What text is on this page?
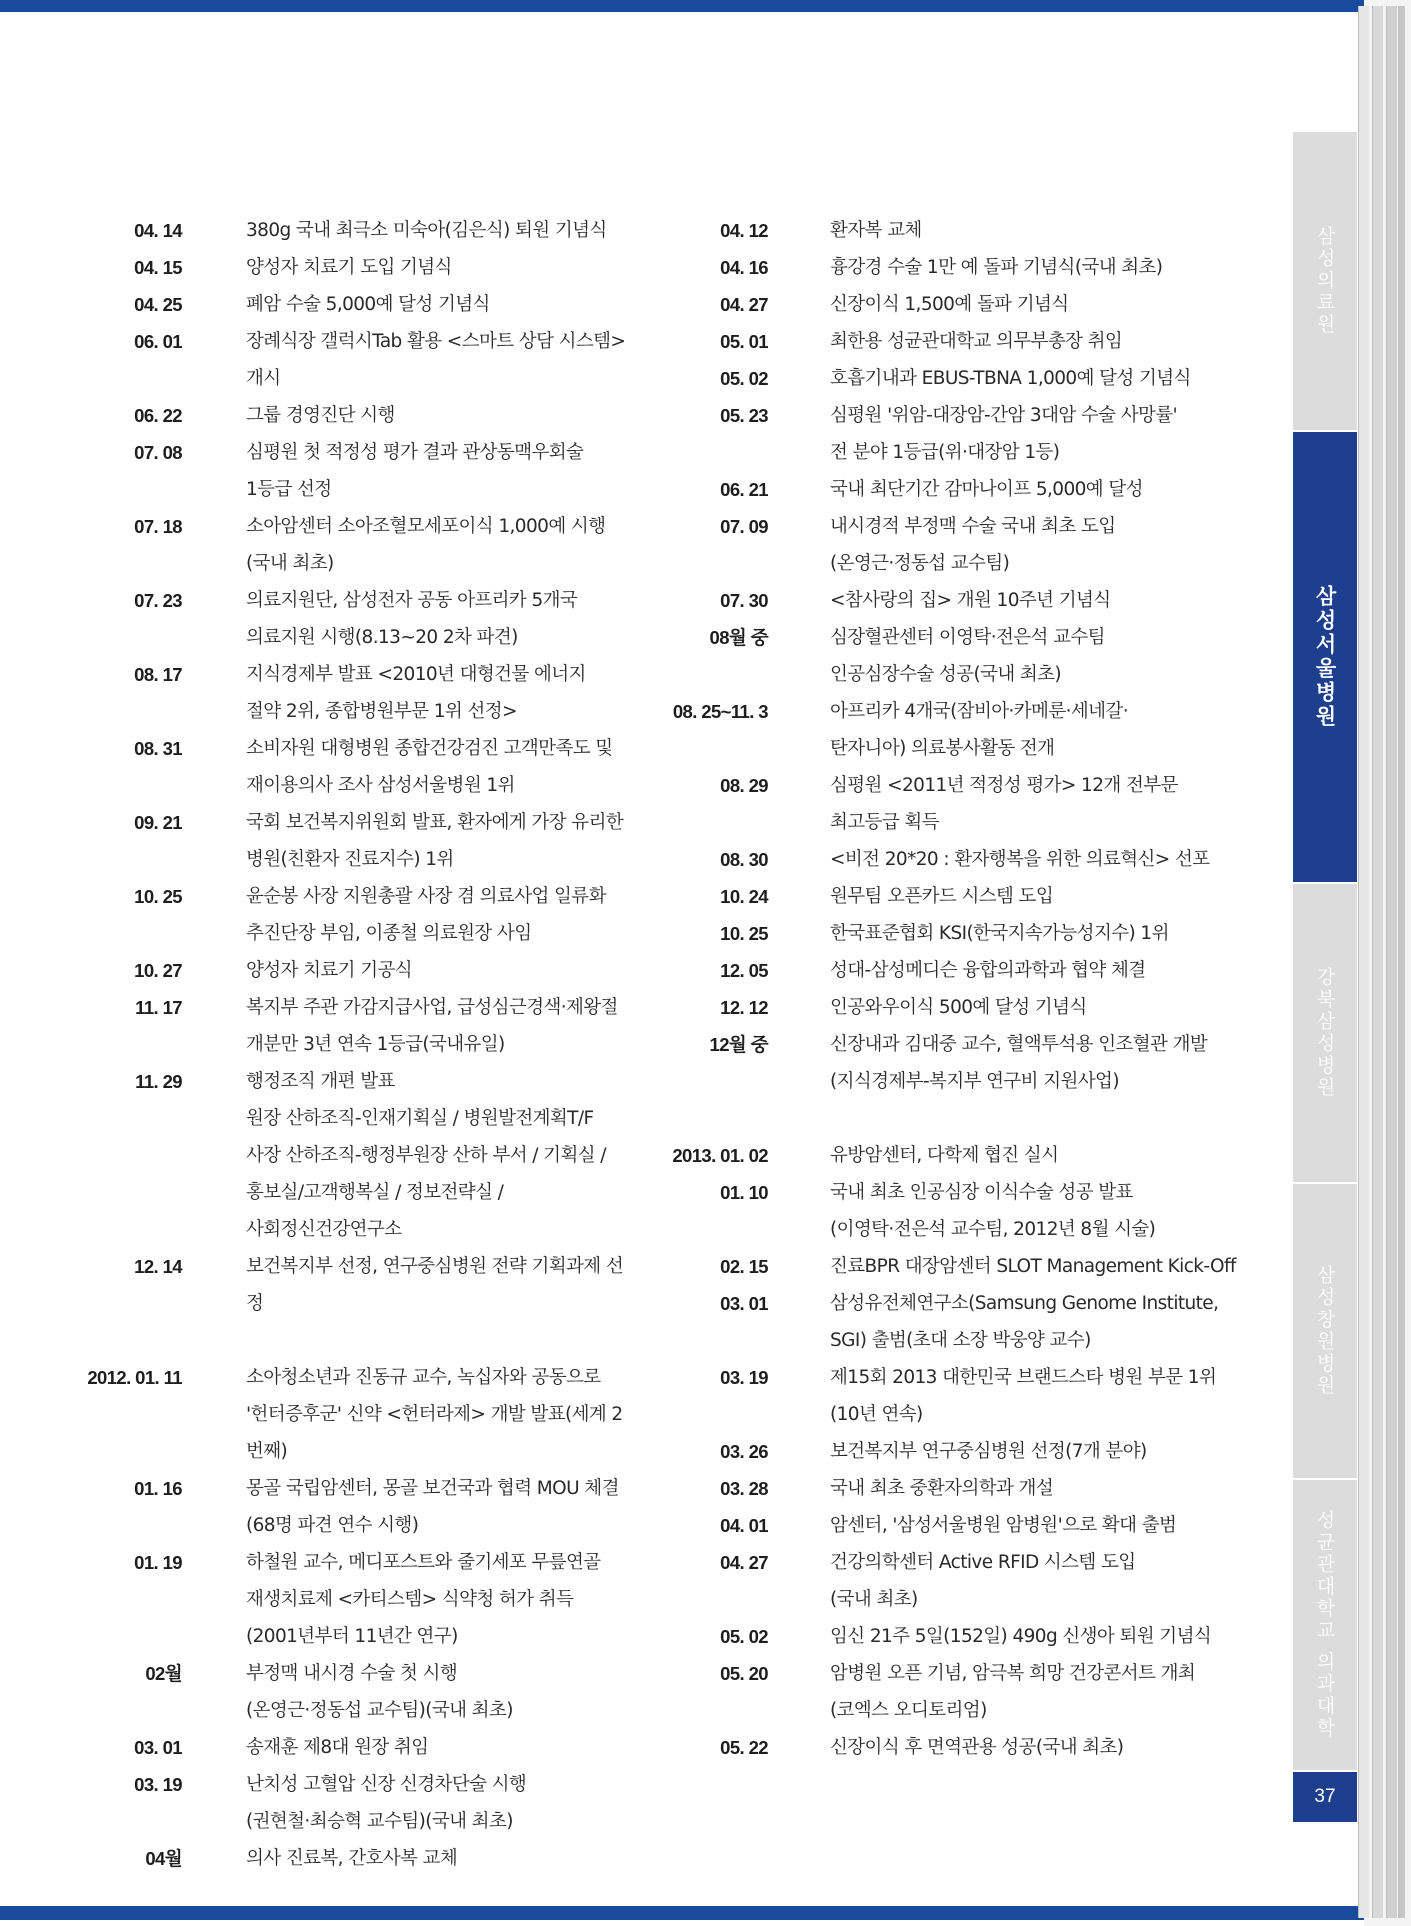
04. 14	380g 국내 최극소 미숙아(김은식) 퇴원 기념식
04. 15	양성자 치료기 도입 기념식
04. 25	폐암 수술 5,000예 달성 기념식
06. 01	장례식장 갤럭시Tab 활용 <스마트 상담 시스템> 개시
06. 22	그룹 경영진단 시행
07. 08	심평원 첫 적정성 평가 결과 관상동맥우회술
1등급 선정
07. 18	소아암센터 소아조혈모세포이식 1,000예 시행
(국내 최초)
07. 23	의료지원단, 삼성전자 공동 아프리카 5개국
의료지원 시행(8.13~20 2차 파견)
08. 17	지식경제부 발표 <2010년 대형건물 에너지
절약 2위, 종합병원부문 1위 선정>
08. 31	소비자원 대형병원 종합건강검진 고객만족도 및
재이용의사 조사 삼성서울병원 1위
09. 21	국회 보건복지위원회 발표, 환자에게 가장 유리한
병원(친환자 진료지수) 1위
10. 25	윤순봉 사장 지원총괄 사장 겸 의료사업 일류화
추진단장 부임, 이종철 의료원장 사임
10. 27	양성자 치료기 기공식
11. 17	복지부 주관 가감지급사업, 급성심근경색·제왕절
개분만 3년 연속 1등급(국내유일)
11. 29	행정조직 개편 발표
원장 산하조직-인재기획실 / 병원발전계획T/F
사장 산하조직-행정부원장 산하 부서 / 기획실 /
홍보실/고객행복실 / 정보전략실 /
사회정신건강연구소
12. 14	보건복지부 선정, 연구중심병원 전략 기획과제 선정
2012. 01. 11	소아청소년과 진동규 교수, 녹십자와 공동으로
'헌터증후군' 신약 <헌터라제> 개발 발표(세계 2번째)
01. 16	몽골 국립암센터, 몽골 보건국과 협력 MOU 체결
(68명 파견 연수 시행)
01. 19	하철원 교수, 메디포스트와 줄기세포 무릎연골
재생치료제 <카티스템> 식약청 허가 취득
(2001년부터 11년간 연구)
02월	부정맥 내시경 수술 첫 시행
(온영근·정동섭 교수팀)(국내 최초)
03. 01	송재훈 제8대 원장 취임
03. 19	난치성 고혈압 신장 신경차단술 시행
(권현철·최승혁 교수팀)(국내 최초)
04월	의사 진료복, 간호사복 교체
04. 12	환자복 교체
04. 16	흉강경 수술 1만 예 돌파 기념식(국내 최초)
04. 27	신장이식 1,500예 돌파 기념식
05. 01	최한용 성균관대학교 의무부총장 취임
05. 02	호흡기내과 EBUS-TBNA 1,000예 달성 기념식
05. 23	심평원 '위암-대장암-간암 3대암 수술 사망률'
전 분야 1등급(위·대장암 1등)
06. 21	국내 최단기간 감마나이프 5,000예 달성
07. 09	내시경적 부정맥 수술 국내 최초 도입
(온영근·정동섭 교수팀)
07. 30	<참사랑의 집> 개원 10주년 기념식
08월 중	심장혈관센터 이영탁·전은석 교수팀
인공심장수술 성공(국내 최초)
08. 25~11. 3	아프리카 4개국(잠비아·카메룬·세네갈·
탄자니아) 의료봉사활동 전개
08. 29	심평원 <2011년 적정성 평가> 12개 전부문
최고등급 획득
08. 30	<비전 20*20 : 환자행복을 위한 의료혁신> 선포
10. 24	원무팀 오픈카드 시스템 도입
10. 25	한국표준협회 KSI(한국지속가능성지수) 1위
12. 05	성대-삼성메디슨 융합의과학과 협약 체결
12. 12	인공와우이식 500예 달성 기념식
12월 중	신장내과 김대중 교수, 혈액투석용 인조혈관 개발
(지식경제부-복지부 연구비 지원사업)
2013. 01. 02	유방암센터, 다학제 협진 실시
01. 10	국내 최초 인공심장 이식수술 성공 발표
(이영탁·전은석 교수팀, 2012년 8월 시술)
02. 15	진료BPR 대장암센터 SLOT Management Kick-Off
03. 01	삼성유전체연구소(Samsung Genome Institute,
SGI) 출범(초대 소장 박웅양 교수)
03. 19	제15회 2013 대한민국 브랜드스타 병원 부문 1위
(10년 연속)
03. 26	보건복지부 연구중심병원 선정(7개 분야)
03. 28	국내 최초 중환자의학과 개설
04. 01	암센터, '삼성서울병원 암병원'으로 확대 출범
04. 27	건강의학센터 Active RFID 시스템 도입
(국내 최초)
05. 02	임신 21주 5일(152일) 490g 신생아 퇴원 기념식
05. 20	암병원 오픈 기념, 암극복 희망 건강콘서트 개최
(코엑스 오디토리엄)
05. 22	신장이식 후 면역관용 성공(국내 최초)
삼성의료원
삼성서울병원
강북삼성병원
삼성창원병원
성균관대학교 의과대학
37
